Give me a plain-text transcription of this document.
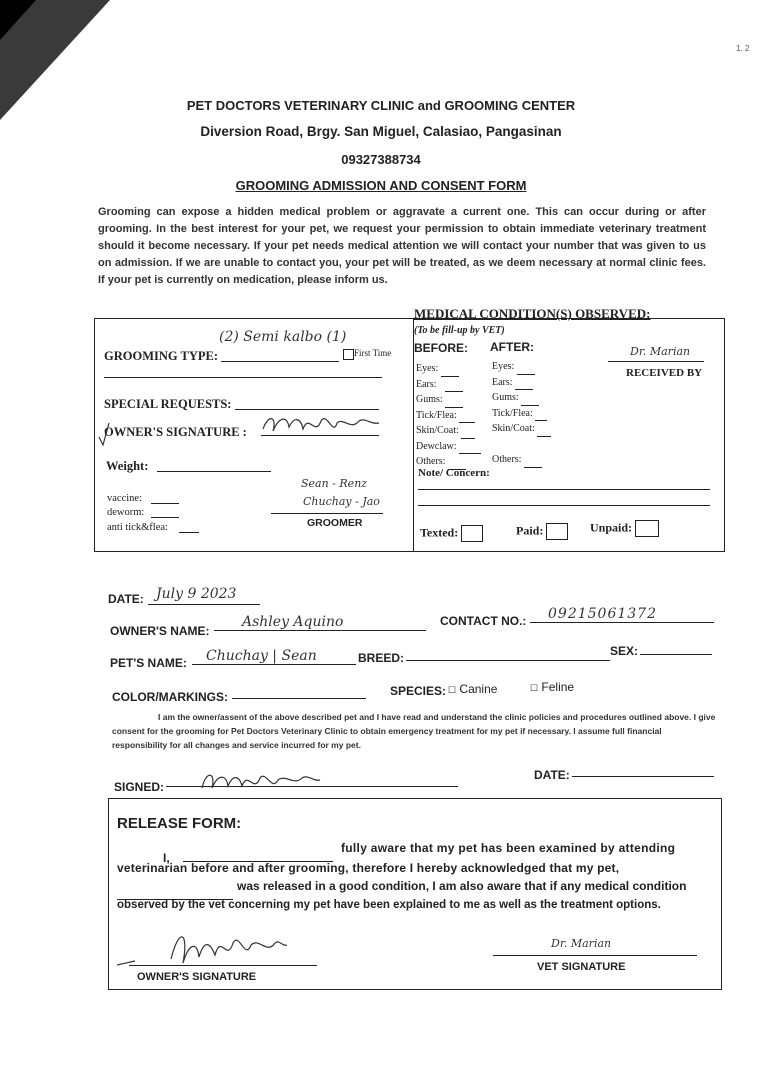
1. 2
PET DOCTORS VETERINARY CLINIC and GROOMING CENTER
Diversion Road, Brgy. San Miguel, Calasiao, Pangasinan
09327388734
GROOMING ADMISSION AND CONSENT FORM
Grooming can expose a hidden medical problem or aggravate a current one. This can occur during or after grooming. In the best interest for your pet, we request your permission to obtain immediate veterinary treatment should it become necessary. If your pet needs medical attention we will contact your number that was given to us on admission. If we are unable to contact you, your pet will be treated, as we deem necessary at normal clinic fees. If your pet is currently on medication, please inform us.
GROOMING TYPE:
(2) Semi kalbo (1)
First Time
SPECIAL REQUESTS:
OWNER'S SIGNATURE :
Weight:
vaccine:
deworm:
anti tick&flea:
Sean - Renz
Chuchay - Jao
GROOMER
MEDICAL CONDITION(S) OBSERVED:
(To be fill-up by VET)
BEFORE: AFTER:
Eyes:
Ears:
Gums:
Tick/Flea:
Skin/Coat:
Dewclaw:
Others:
Eyes:
Ears:
Gums:
Tick/Flea:
Skin/Coat:
Others:
Dr. Marian
RECEIVED BY
Note/ Concern:
Texted:	Paid:	Unpaid:
DATE: July 9 2023
OWNER'S NAME:
Ashley Aquino	CONTACT NO.: 09215061372
PET'S NAME: Chuchay | Sean	BREED:	SEX:
COLOR/MARKINGS:	SPECIES: ☐ Canine	☐ Feline
I am the owner/assent of the above described pet and I have read and understand the clinic policies and procedures outlined above. I give consent for the grooming for Pet Doctors Veterinary Clinic to obtain emergency treatment for my pet if necessary. I assume full financial responsibility for all changes and service incurred for my pet.
SIGNED:
DATE:
RELEASE FORM:
I,
fully aware that my pet has been examined by attending
veterinarian before and after grooming, therefore I hereby acknowledged that my pet,
was released in a good condition, I am also aware that if any medical condition
observed by the vet concerning my pet have been explained to me as well as the treatment options.
OWNER'S SIGNATURE
Dr. Marian
VET SIGNATURE
